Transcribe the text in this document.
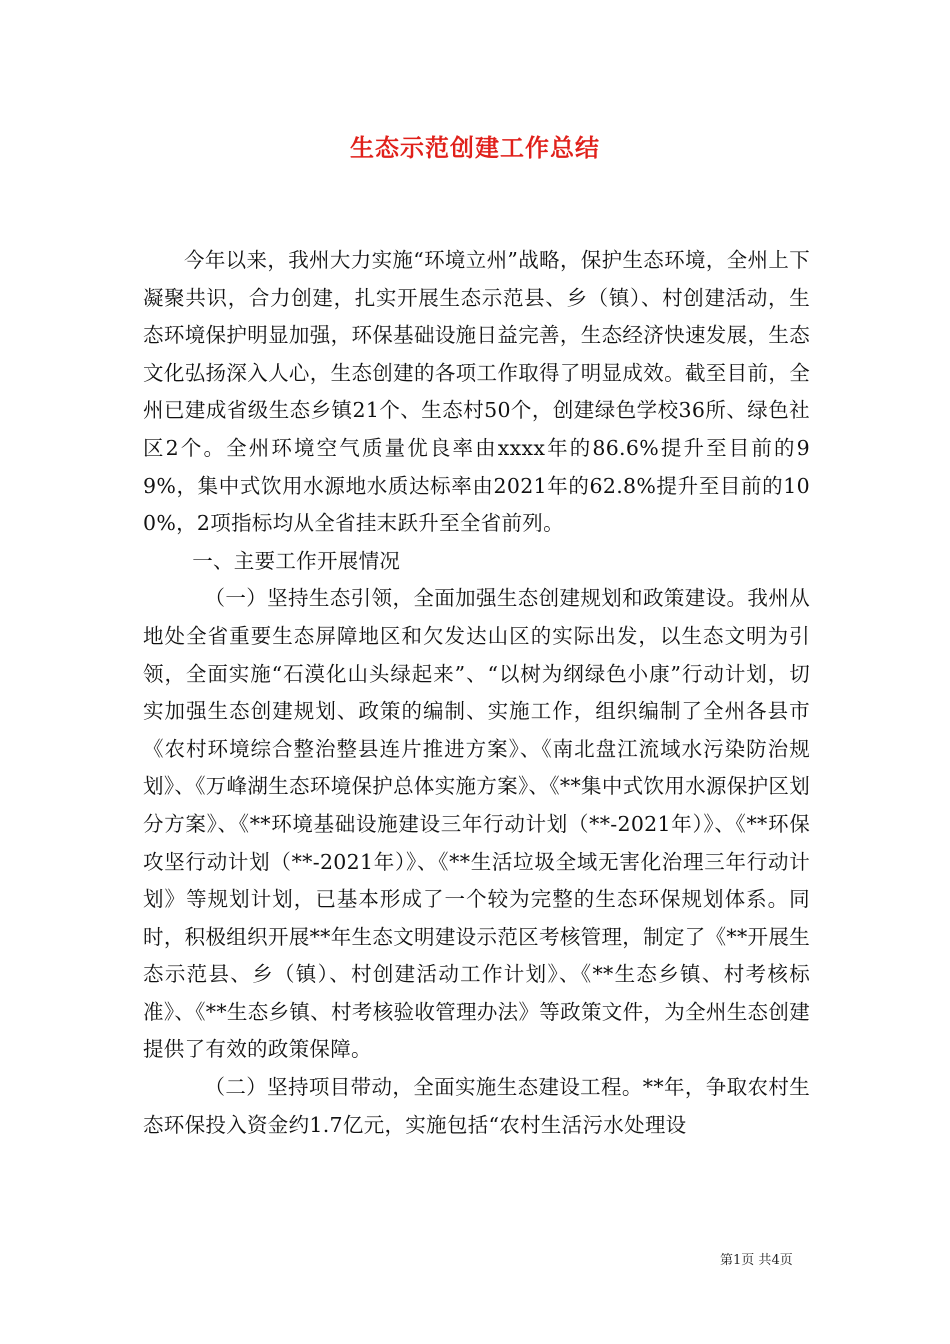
生态示范创建工作总结

今年以来，我州大力实施“环境立州”战略，保护生态环境，全州上下凝聚共识，合力创建，扎实开展生态示范县、乡（镇）、村创建活动，生态环境保护明显加强，环保基础设施日益完善，生态经济快速发展，生态文化弘扬深入人心，生态创建的各项工作取得了明显成效。截至目前，全州已建成省级生态乡镇21个、生态村50个，创建绿色学校36所、绿色社区2个。全州环境空气质量优良率由xxxx年的86.6%提升至目前的99%，集中式饮用水源地水质达标率由2021年的62.8%提升至目前的100%，2项指标均从全省挂末跃升至全省前列。

一、主要工作开展情况

（一）坚持生态引领，全面加强生态创建规划和政策建设。我州从地处全省重要生态屏障地区和欠发达山区的实际出发，以生态文明为引领，全面实施“石漠化山头绿起来”、“以树为纲绿色小康”行动计划，切实加强生态创建规划、政策的编制、实施工作，组织编制了全州各县市《农村环境综合整治整县连片推进方案》、《南北盘江流域水污染防治规划》、《万峰湖生态环境保护总体实施方案》、《**集中式饮用水源保护区划分方案》、《**环境基础设施建设三年行动计划（**-2021年）》、《**环保攻坚行动计划（**-2021年）》、《**生活垃圾全域无害化治理三年行动计划》等规划计划，已基本形成了一个较为完整的生态环保规划体系。同时，积极组织开展**年生态文明建设示范区考核管理，制定了《**开展生态示范县、乡（镇）、村创建活动工作计划》、《**生态乡镇、村考核标准》、《**生态乡镇、村考核验收管理办法》等政策文件，为全州生态创建提供了有效的政策保障。

（二）坚持项目带动，全面实施生态建设工程。**年，争取农村生态环保投入资金约1.7亿元，实施包括“农村生活污水处理设

第1页 共4页
